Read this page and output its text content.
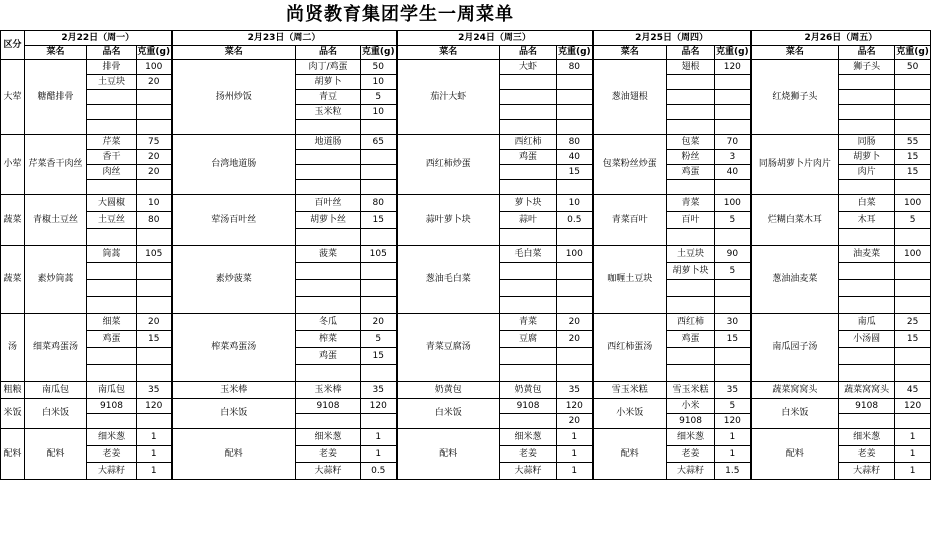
尚贤教育集团学生一周菜单
区分	2月22日（周一）			2月23日（周二）			2月24日（周三）			2月25日（周四）			2月26日（周五）		
	菜名	品名	克重(g)	菜名	品名	克重(g)	菜名	品名	克重(g)	菜名	品名	克重(g)	菜名	品名	克重(g)
大荤	糖醋排骨	排骨	100	扬州炒饭	肉丁/鸡蛋	50	茄汁大虾	大虾	80	葱油翅根	翅根	120	红烧狮子头	狮子头	50
		土豆块	20		胡萝卜	10									
					青豆	5									
					玉米粒	10									

小荤	芹菜香干肉丝	芹菜	75	台湾地道肠	地道肠	65	西红柿炒蛋	西红柿	80	包菜粉丝炒蛋	包菜	70	同肠胡萝卜片肉片	同肠	55
		香干	20					鸡蛋	40		粉丝	3		胡萝卜	15
		肉丝	20						15		鸡蛋	40		肉片	15

蔬菜	青椒土豆丝	大圆椒	10	荤汤百叶丝	百叶丝	80	蒜叶萝卜块	萝卜块	10	青菜百叶	青菜	100	烂糊白菜木耳	白菜	100
		土豆丝	80		胡萝卜丝	15		蒜叶	0.5		百叶	5		木耳	5

蔬菜	素炒筒蒿	筒蒿	105	素炒菠菜	菠菜	105	葱油毛白菜	毛白菜	100	咖喱土豆块	土豆块	90	葱油油麦菜	油麦菜	100
											胡萝卜块	5			

汤	细菜鸡蛋汤	细菜	20	榨菜鸡蛋汤	冬瓜	20	青菜豆腐汤	青菜	20	西红柿蛋汤	西红柿	30	南瓜园子汤	南瓜	25
		鸡蛋	15		榨菜	5		豆腐	20		鸡蛋	15		小汤圆	15
					鸡蛋	15									

粗粮	南瓜包	南瓜包	35	玉米棒	玉米棒	35	奶黄包	奶黄包	35	雪玉米糕	雪玉米糕	35	蔬菜窝窝头	蔬菜窝窝头	45
米饭	白米饭	9108	120	白米饭	9108	120	白米饭	9108	120	小米饭	小米	5	白米饭	9108	120
									20		9108	120			
配料	配料	细米葱	1	配料	细米葱	1	配料	细米葱	1	配料	细米葱	1	配料	细米葱	1
		老姜	1		老姜	1		老姜	1		老姜	1		老姜	1
		大蒜籽	1		大蒜籽	0.5		大蒜籽	1		大蒜籽	1.5		大蒜籽	1
